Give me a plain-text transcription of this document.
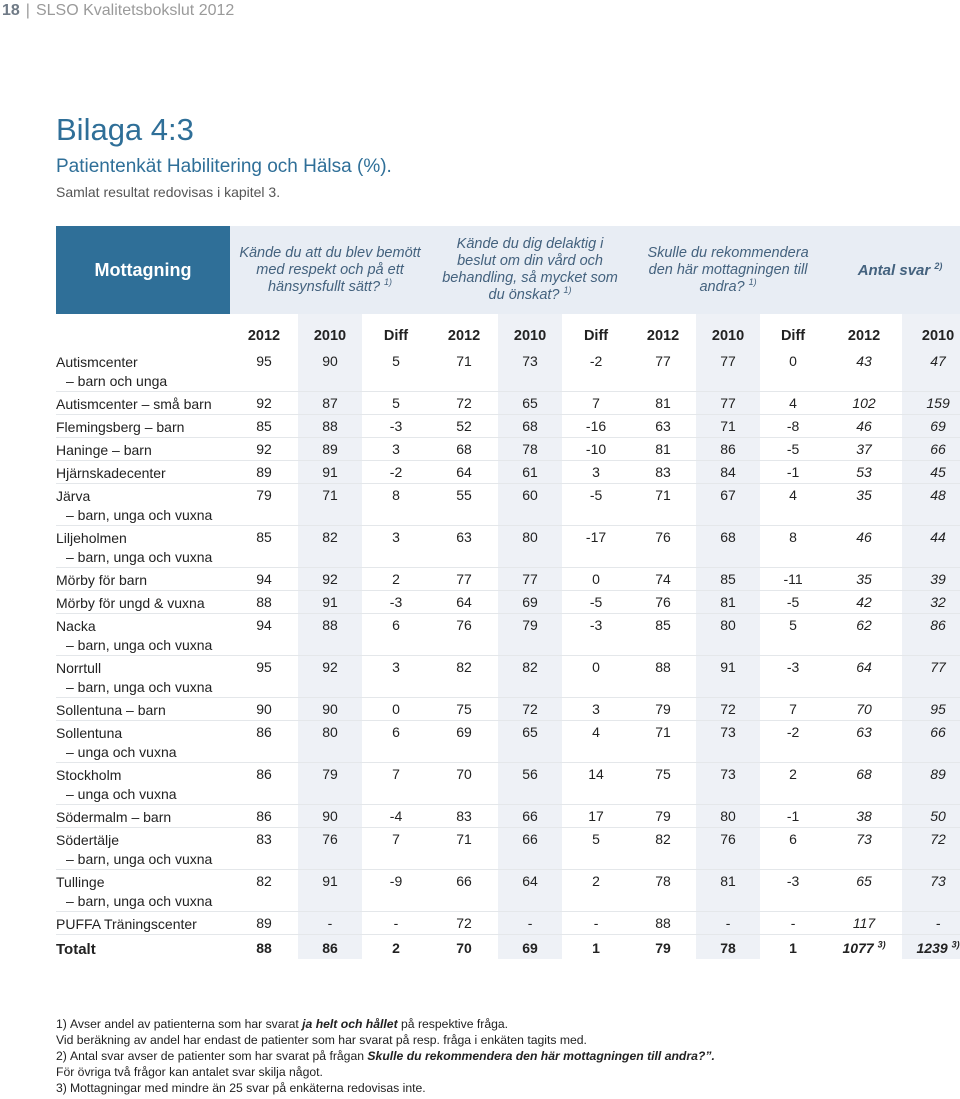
18 | SLSO Kvalitetsbokslut 2012
Bilaga 4:3
Patientenkät Habilitering och Hälsa (%).
Samlat resultat redovisas i kapitel 3.
Mottagning	Kände du att du blev bemött med respekt och på ett hänsynsfullt sätt? $^{1)}$			Kände du dig delaktig i beslut om din vård och behandling, så mycket som du önskat? $^{1)}$			Skulle du rekommendera den här mottagningen till andra? $^{1)}$			Antal svar $^{2)}$

	2012	2010	Diff	2012	2010	Diff	2012	2010	Diff	2012	2010
Autismcenter
– barn och unga	95	90	5	71	73	-2	77	77	0	43	47
Autismcenter – små barn	92	87	5	72	65	7	81	77	4	102	159
Flemingsberg – barn	85	88	-3	52	68	-16	63	71	-8	46	69
Haninge – barn	92	89	3	68	78	-10	81	86	-5	37	66
Hjärnskadecenter	89	91	-2	64	61	3	83	84	-1	53	45
Järva
– barn, unga och vuxna	79	71	8	55	60	-5	71	67	4	35	48
Liljeholmen
– barn, unga och vuxna	85	82	3	63	80	-17	76	68	8	46	44
Mörby för barn	94	92	2	77	77	0	74	85	-11	35	39
Mörby för ungd & vuxna	88	91	-3	64	69	-5	76	81	-5	42	32
Nacka
– barn, unga och vuxna	94	88	6	76	79	-3	85	80	5	62	86
Norrtull
– barn, unga och vuxna	95	92	3	82	82	0	88	91	-3	64	77
Sollentuna – barn	90	90	0	75	72	3	79	72	7	70	95
Sollentuna
– unga och vuxna	86	80	6	69	65	4	71	73	-2	63	66
Stockholm
– unga och vuxna	86	79	7	70	56	14	75	73	2	68	89
Södermalm – barn	86	90	-4	83	66	17	79	80	-1	38	50
Södertälje
– barn, unga och vuxna	83	76	7	71	66	5	82	76	6	73	72
Tullinge
– barn, unga och vuxna	82	91	-9	66	64	2	78	81	-3	65	73
PUFFA Träningscenter	89	-	-	72	-	-	88	-	-	117	-
Totalt	88	86	2	70	69	1	79	78	1	1077 $^{3)}$	1239 $^{3)}$
1) Avser andel av patienterna som har svarat ja helt och hållet på respektive fråga.
Vid beräkning av andel har endast de patienter som har svarat på resp. fråga i enkäten tagits med.
2) Antal svar avser de patienter som har svarat på frågan Skulle du rekommendera den här mottagningen till andra?”.
För övriga två frågor kan antalet svar skilja något.
3) Mottagningar med mindre än 25 svar på enkäterna redovisas inte.
